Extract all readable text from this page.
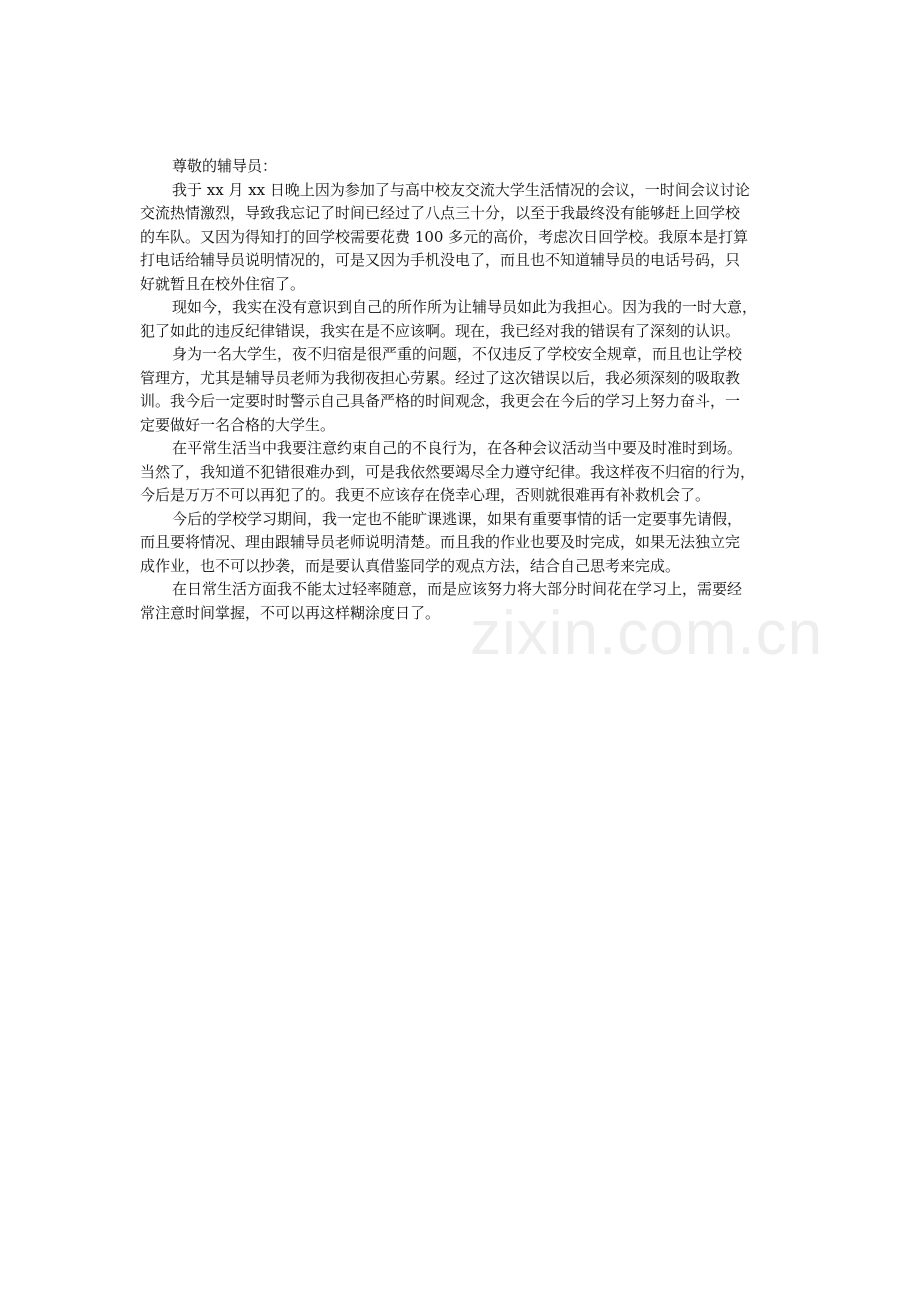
zixin.com.cn
尊敬的辅导员：
我于 xx 月 xx 日晚上因为参加了与高中校友交流大学生活情况的会议，一时间会议讨论
交流热情激烈，导致我忘记了时间已经过了八点三十分，以至于我最终没有能够赶上回学校
的车队。又因为得知打的回学校需要花费 100 多元的高价，考虑次日回学校。我原本是打算
打电话给辅导员说明情况的，可是又因为手机没电了，而且也不知道辅导员的电话号码，只
好就暂且在校外住宿了。
现如今，我实在没有意识到自己的所作所为让辅导员如此为我担心。因为我的一时大意，
犯了如此的违反纪律错误，我实在是不应该啊。现在，我已经对我的错误有了深刻的认识。
身为一名大学生，夜不归宿是很严重的问题，不仅违反了学校安全规章，而且也让学校
管理方，尤其是辅导员老师为我彻夜担心劳累。经过了这次错误以后，我必须深刻的吸取教
训。我今后一定要时时警示自己具备严格的时间观念，我更会在今后的学习上努力奋斗，一
定要做好一名合格的大学生。
在平常生活当中我要注意约束自己的不良行为，在各种会议活动当中要及时准时到场。
当然了，我知道不犯错很难办到，可是我依然要竭尽全力遵守纪律。我这样夜不归宿的行为，
今后是万万不可以再犯了的。我更不应该存在侥幸心理，否则就很难再有补救机会了。
今后的学校学习期间，我一定也不能旷课逃课，如果有重要事情的话一定要事先请假，
而且要将情况、理由跟辅导员老师说明清楚。而且我的作业也要及时完成，如果无法独立完
成作业，也不可以抄袭，而是要认真借鉴同学的观点方法，结合自己思考来完成。
在日常生活方面我不能太过轻率随意，而是应该努力将大部分时间花在学习上，需要经
常注意时间掌握，不可以再这样糊涂度日了。
